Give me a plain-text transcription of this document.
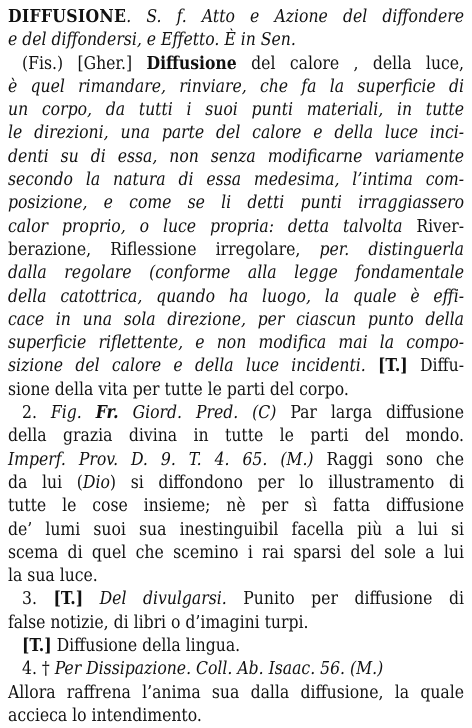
DIFFUSIONE. S. f. Atto e Azione del diffondere
e del diffondersi, e Effetto. È in Sen.
(Fis.) [Gher.] Diffusione del calore , della luce,
è quel rimandare, rinviare, che fa la superficie di
un corpo, da tutti i suoi punti materiali, in tutte
le direzioni, una parte del calore e della luce inci-
denti su di essa, non senza modificarne variamente
secondo la natura di essa medesima, l’intima com-
posizione, e come se li detti punti irraggiassero
calor proprio, o luce propria: detta talvolta River-
berazione, Riflessione irregolare, per. distinguerla
dalla regolare (conforme alla legge fondamentale
della catottrica, quando ha luogo, la quale è effi-
cace in una sola direzione, per ciascun punto della
superficie riflettente, e non modifica mai la compo-
sizione del calore e della luce incidenti. [T.] Diffu-
sione della vita per tutte le parti del corpo.
2. Fig. Fr. Giord. Pred. (C) Par larga diffusione
della grazia divina in tutte le parti del mondo.
Imperf. Prov. D. 9. T. 4. 65. (M.) Raggi sono che
da lui (Dio) si diffondono per lo illustramento di
tutte le cose insieme; nè per sì fatta diffusione
de’ lumi suoi sua inestinguibil facella più a lui si
scema di quel che scemino i rai sparsi del sole a lui
la sua luce.
3. [T.] Del divulgarsi. Punito per diffusione di
false notizie, di libri o d’imagini turpi.
[T.] Diffusione della lingua.
4. † Per Dissipazione. Coll. Ab. Isaac. 56. (M.)
Allora raffrena l’anima sua dalla diffusione, la quale
accieca lo intendimento.
